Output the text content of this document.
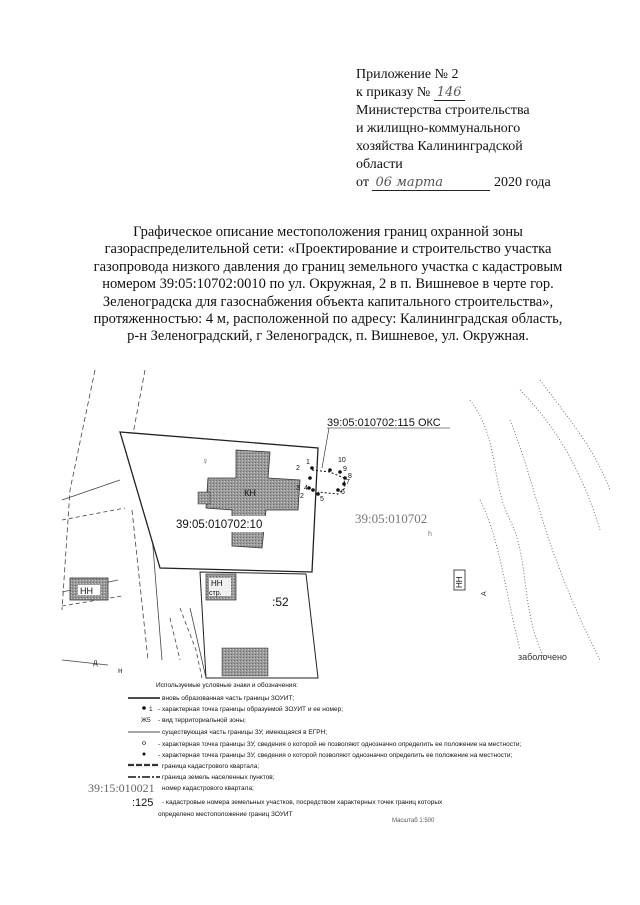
Приложение № 2
к приказу № 146
Министерства строительства
и жилищно-коммунального
хозяйства Калининградской
области
от 06 марта	2020 года
Графическое описание местоположения границ охранной зоны
газораспределительной сети: «Проектирование и строительство участка
газопровода низкого давления до границ земельного участка с кадастровым
номером 39:05:10702:0010 по ул. Окружная, 2 в п. Вишневое в черте гор.
Зеленоградска для газоснабжения объекта капитального строительства»,
протяженностью: 4 м, расположенной по адресу: Калининградская область,
р-н Зеленоградский, г Зеленоградск, п. Вишневое, ул. Окружная.
КН
♀	1
2
3 4
5
6
7
8
9
10
2
39:05:010702:115 ОКС
39:05:010702:10	39:05:010702
h
НН
НН
стр.
:52
д
н
НН
А
заболочено
Используемые условные знаки и обозначения:
вновь образованная часть границы ЗОУИТ;
1 - характерная точка границы образуемой ЗОУИТ и ее номер;
Ж5 - вид территориальной зоны;
существующая часть границы ЗУ, имеющаяся в ЕГРН;
- характерная точка границы ЗУ, сведения о которой не позволяют однозначно определить ее положение на местности;
- характерная точка границы ЗУ, сведения о которой позволяют однозначно определить ее положение на местности;
граница кадастрового квартала;
граница земель населенных пунктов;
39:15:010021 номер кадастрового квартала;
:125 - кадастровые номера земельных участков, посредством характерных точек границ которых
определено местоположение границ ЗОУИТ
Масштаб 1:500
